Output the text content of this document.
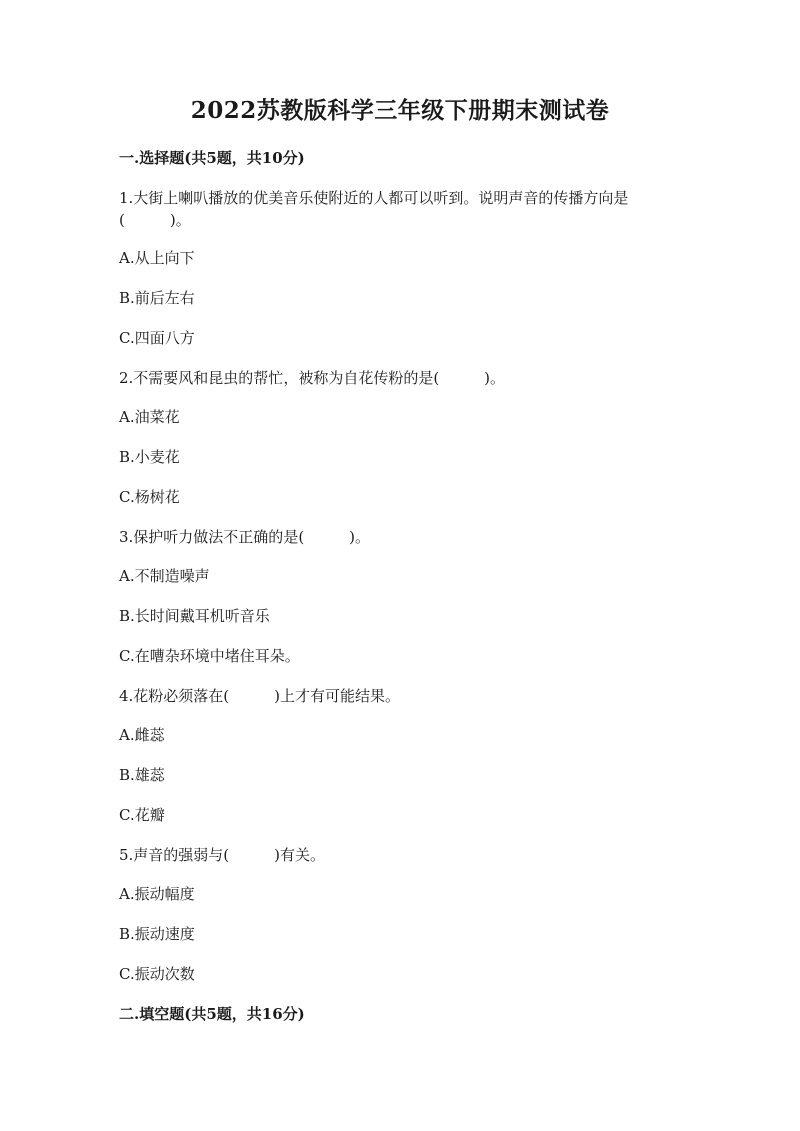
2022苏教版科学三年级下册期末测试卷
一.选择题(共5题，共10分)
1.大街上喇叭播放的优美音乐使附近的人都可以听到。说明声音的传播方向是
(　　　)。
A.从上向下
B.前后左右
C.四面八方
2.不需要风和昆虫的帮忙，被称为自花传粉的是(　　　)。
A.油菜花
B.小麦花
C.杨树花
3.保护听力做法不正确的是(　　　)。
A.不制造噪声
B.长时间戴耳机听音乐
C.在嘈杂环境中堵住耳朵。
4.花粉必须落在(　　　)上才有可能结果。
A.雌蕊
B.雄蕊
C.花瓣
5.声音的强弱与(　　　)有关。
A.振动幅度
B.振动速度
C.振动次数
二.填空题(共5题，共16分)
